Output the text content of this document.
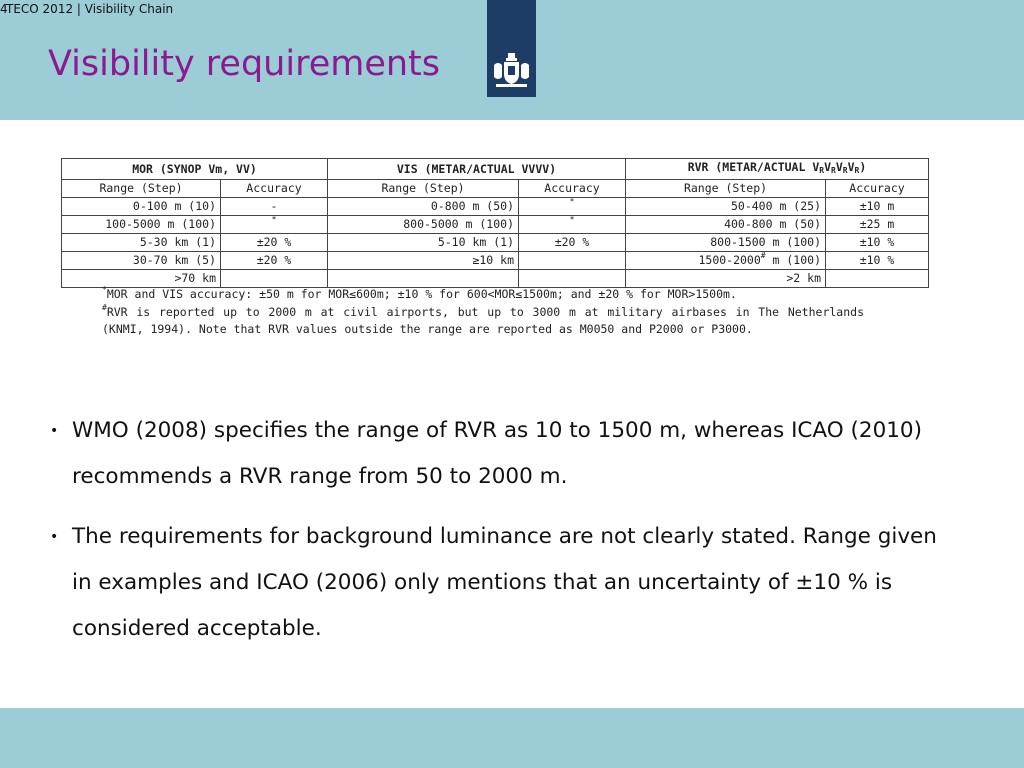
4
TECO 2012 | Visibility Chain
Visibility requirements
MOR (SYNOP Vm, VV)		VIS (METAR/ACTUAL VVVV)		RVR (METAR/ACTUAL $V_RV_RV_RV_R$)	
Range (Step)	Accuracy	Range (Step)	Accuracy	Range (Step)	Accuracy
0-100 m (10)	-	0-800 m (50)	*	50-400 m (25)	±10 m
100-5000 m (100)	*	800-5000 m (100)	*	400-800 m (50)	±25 m
5-30 km (1)	±20 %	5-10 km (1)	±20 %	800-1500 m (100)	±10 %
30-70 km (5)	±20 %	≥10 km		1500-2000# m (100)	±10 %
>70 km				>2 km	

*MOR and VIS accuracy: ±50 m for MOR≤600m; ±10 % for 600<MOR≤1500m; and ±20 % for MOR>1500m.

#RVR is reported up to 2000 m at civil airports, but up to 3000 m at military airbases in The Netherlands (KNMI, 1994). Note that RVR values outside the range are reported as M0050 and P2000 or P3000.

• WMO (2008) specifies the range of RVR as 10 to 1500 m, whereas ICAO (2010) recommends a RVR range from 50 to 2000 m.
• The requirements for background luminance are not clearly stated. Range given in examples and ICAO (2006) only mentions that an uncertainty of ±10 % is considered acceptable.
